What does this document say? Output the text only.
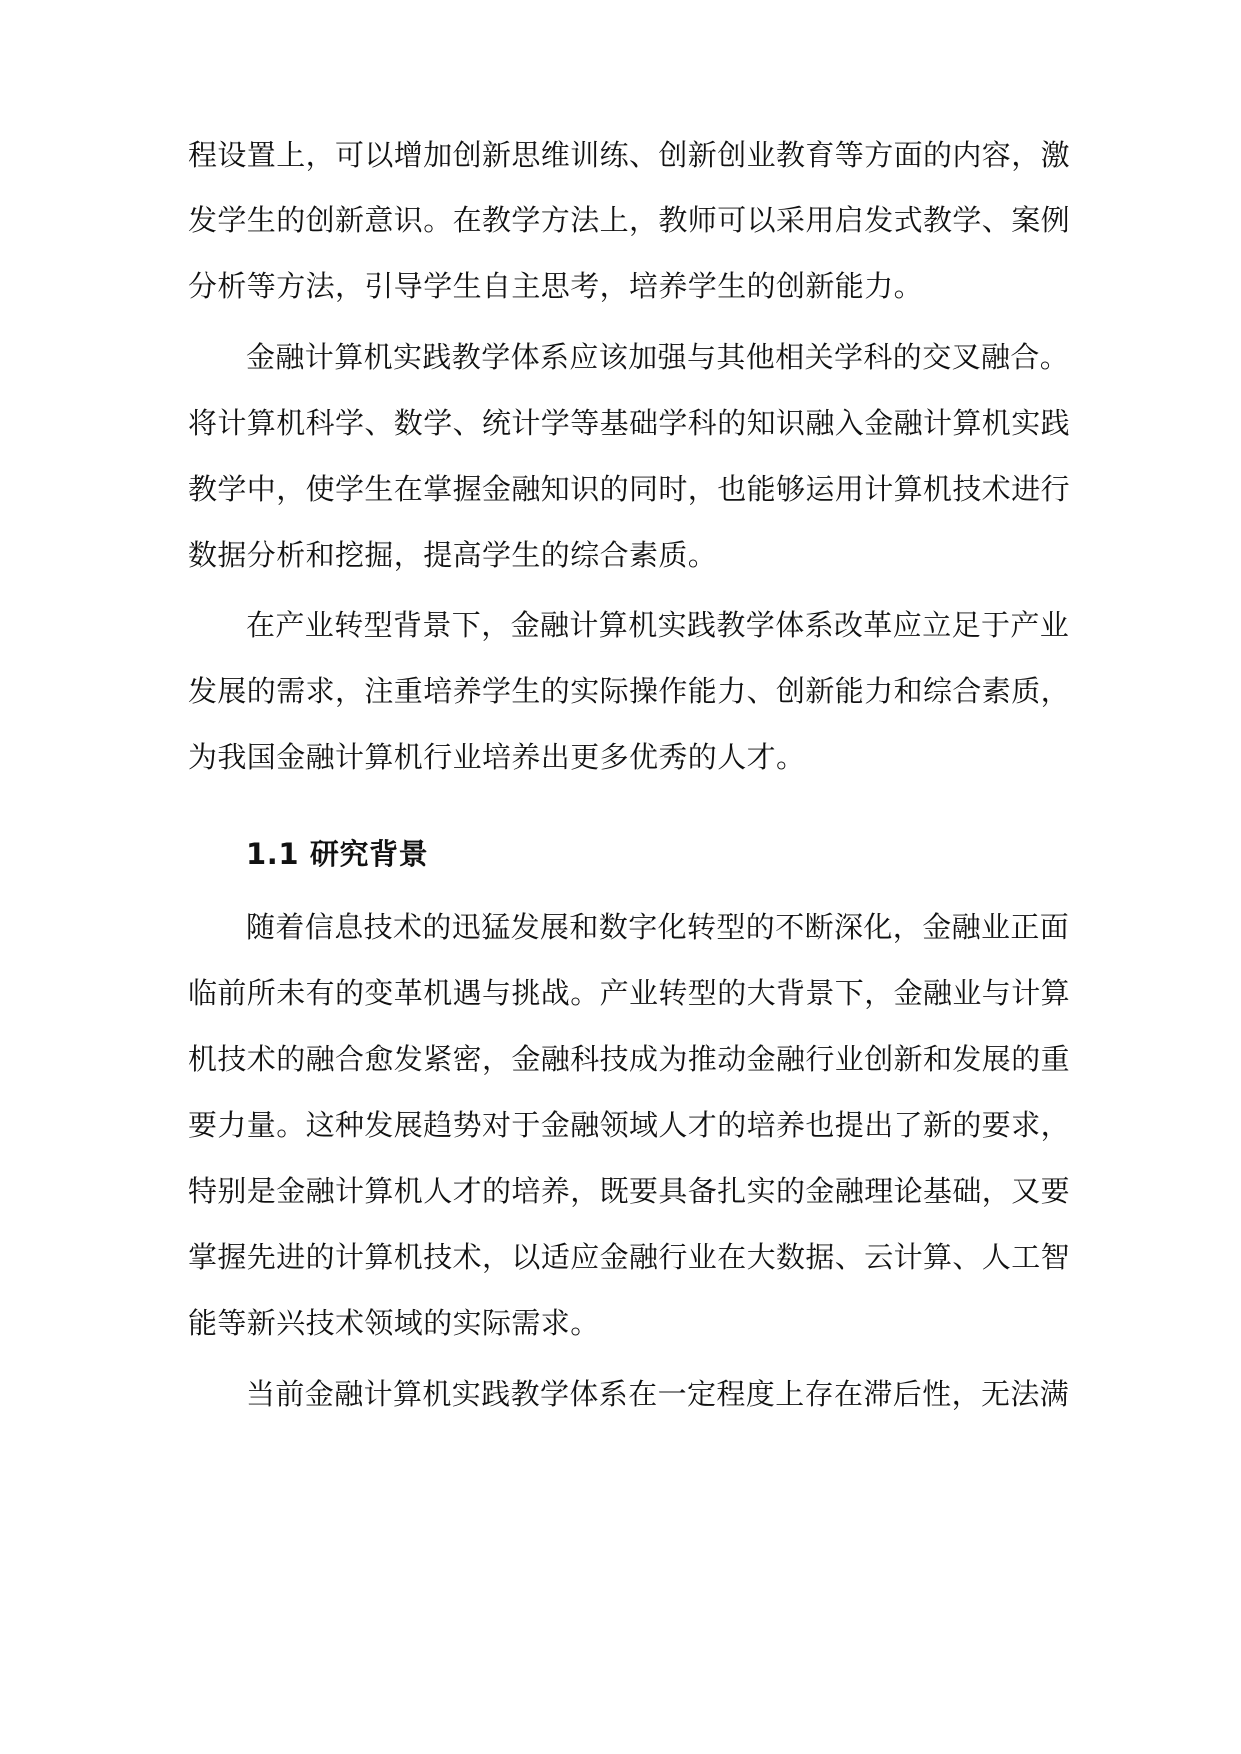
程设置上，可以增加创新思维训练、创新创业教育等方面的内容，激

发学生的创新意识。在教学方法上，教师可以采用启发式教学、案例

分析等方法，引导学生自主思考，培养学生的创新能力。

金融计算机实践教学体系应该加强与其他相关学科的交叉融合。

将计算机科学、数学、统计学等基础学科的知识融入金融计算机实践

教学中，使学生在掌握金融知识的同时，也能够运用计算机技术进行

数据分析和挖掘，提高学生的综合素质。

在产业转型背景下，金融计算机实践教学体系改革应立足于产业

发展的需求，注重培养学生的实际操作能力、创新能力和综合素质，

为我国金融计算机行业培养出更多优秀的人才。

1.1 研究背景

随着信息技术的迅猛发展和数字化转型的不断深化，金融业正面

临前所未有的变革机遇与挑战。产业转型的大背景下，金融业与计算

机技术的融合愈发紧密，金融科技成为推动金融行业创新和发展的重

要力量。这种发展趋势对于金融领域人才的培养也提出了新的要求，

特别是金融计算机人才的培养，既要具备扎实的金融理论基础，又要

掌握先进的计算机技术，以适应金融行业在大数据、云计算、人工智

能等新兴技术领域的实际需求。

当前金融计算机实践教学体系在一定程度上存在滞后性，无法满
